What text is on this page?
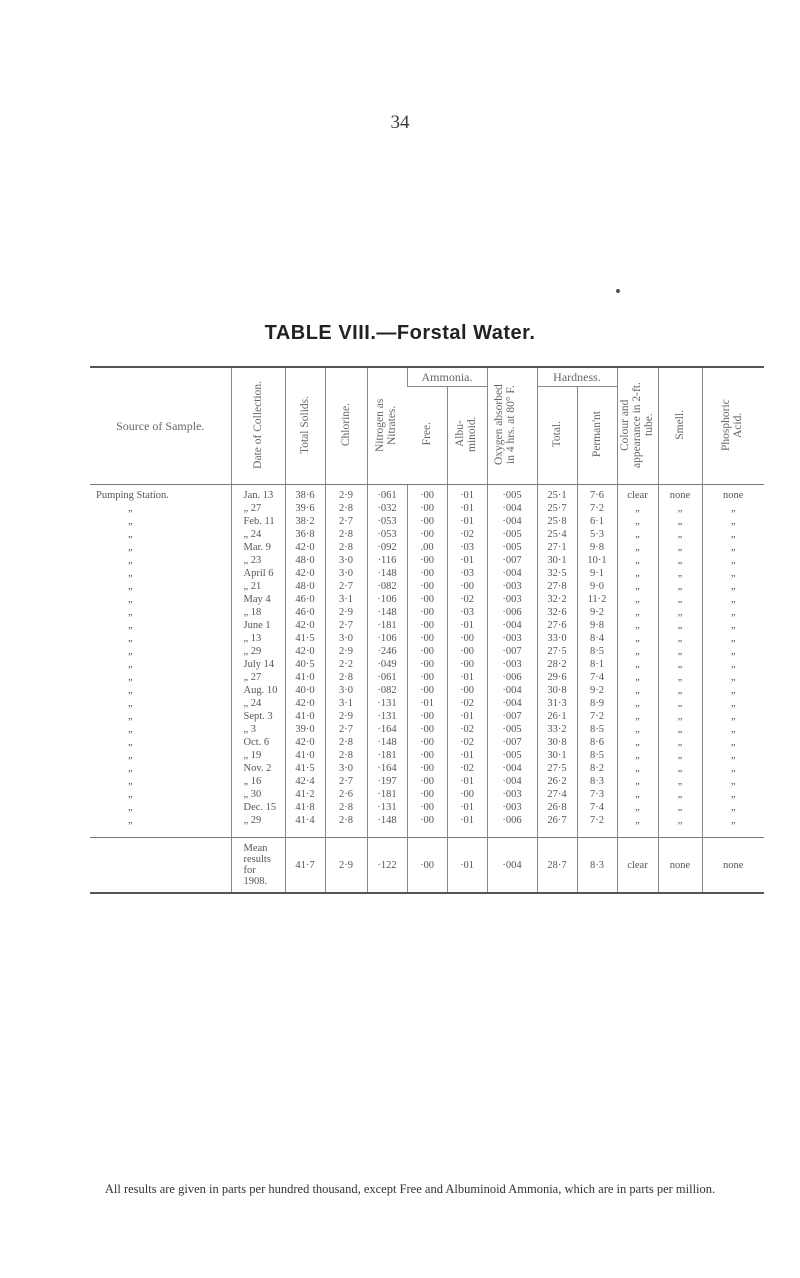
34
TABLE VIII.—Forstal Water.
Source of Sample.	Date of Collection.	Total Solids.	Chlorine.	Nitrogen as Nitrates.	Ammonia.		Oxygen absorbed in 4 hrs. at 80° F.	Hardness.		Colour and appearance in 2-ft. tube.	Smell.	Phosphoric Acid.
					Free.	Albu-minoid.		Total.	Perman'nt			

Pumping Station.	Jan. 13	38·6	2·9	·061	·00	·01	·005	25·1	7·6	clear	none	none
„	„ 27	39·6	2·8	·032	·00	·01	·004	25·7	7·2	„	„	„
„	Feb. 11	38·2	2·7	·053	·00	·01	·004	25·8	6·1	„	„	„
„	„ 24	36·8	2·8	·053	·00	·02	·005	25·4	5·3	„	„	„
„	Mar. 9	42·0	2·8	·092	.00	·03	·005	27·1	9·8	„	„	„
„	„ 23	48·0	3·0	·116	·00	·01	·007	30·1	10·1	„	„	„
„	April 6	42·0	3·0	·148	·00	·03	·004	32·5	9·1	„	„	„
„	„ 21	48·0	2·7	·082	·00	·00	·003	27·8	9·0	„	„	„
„	May 4	46·0	3·1	·106	·00	·02	·003	32·2	11·2	„	„	„
„	„ 18	46·0	2·9	·148	·00	·03	·006	32·6	9·2	„	„	„
„	June 1	42·0	2·7	·181	·00	·01	·004	27·6	9·8	„	„	„
„	„ 13	41·5	3·0	·106	·00	·00	·003	33·0	8·4	„	„	„
„	„ 29	42·0	2·9	·246	·00	·00	·007	27·5	8·5	„	„	„
„	July 14	40·5	2·2	·049	·00	·00	·003	28·2	8·1	„	„	„
„	„ 27	41·0	2·8	·061	·00	·01	·006	29·6	7·4	„	„	„
„	Aug. 10	40·0	3·0	·082	·00	·00	·004	30·8	9·2	„	„	„
„	„ 24	42·0	3·1	·131	·01	·02	·004	31·3	8·9	„	„	„
„	Sept. 3	41·0	2·9	·131	·00	·01	·007	26·1	7·2	„	„	„
„	„ 3	39·0	2·7	·164	·00	·02	·005	33·2	8·5	„	„	„
„	Oct. 6	42·0	2·8	·148	·00	·02	·007	30·8	8·6	„	„	„
„	„ 19	41·0	2·8	·181	·00	·01	·005	30·1	8·5	„	„	„
„	Nov. 2	41·5	3·0	·164	·00	·02	·004	27·5	8·2	„	„	„
„	„ 16	42·4	2·7	·197	·00	·01	·004	26·2	8·3	„	„	„
„	„ 30	41·2	2·6	·181	·00	·00	·003	27·4	7·3	„	„	„
„	Dec. 15	41·8	2·8	·131	·00	·01	·003	26·8	7·4	„	„	„
„	„ 29	41·4	2·8	·148	·00	·01	·006	26·7	7·2	„	„	„

	Mean
results
for
1908.	41·7	2·9	·122	·00	·01	·004	28·7	8·3	clear	none	none
All results are given in parts per hundred thousand, except Free and Albuminoid Ammonia, which are in parts per million.
